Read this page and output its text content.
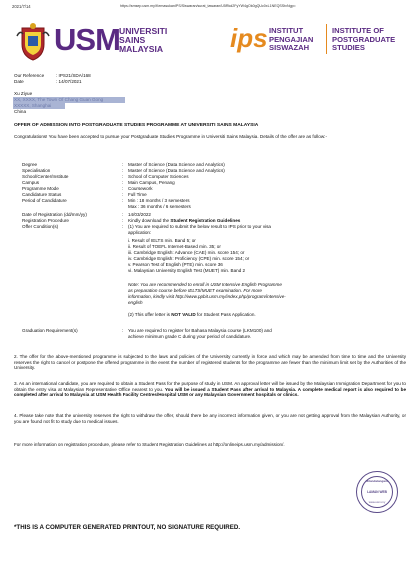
2021/7/14	https://smsep.usm.my/KemasukanIPS/Siswaran/surat_tawaran/U5Rkd2FyYW4gOk0gQUc0xL1NEQSStxNgp=
USM UNIVERSITI
SAINS
MALAYSIA	ips INSTITUT
PENGAJIAN
SISWAZAH
INSTITUTE OF
POSTGRADUATE
STUDIES
Our Reference	: IPS21/SDA/168
Date	: 14/07/2021
Xu Ziyue
XX, XXXX, The Town Of Chang Guan Gong
XXXXX, Shanghai
China
OFFER OF ADMISSION INTO POSTGRADUATE STUDIES PROGRAMME AT UNIVERSITI SAINS MALAYSIA
Congratulations! You have been accepted to pursue your Postgraduate Studies Programme in Universiti Sains Malaysia. Details of the offer are as follow:-
Degree	: Master of Science (Data Science and Analytics)
Specialisation	: Master of Science (Data Science and Analytics)
School/Center/Institute	: School of Computer Sciences
Campus	: Main Campus, Penang
Programme Mode	: Coursework
Candidature Status	: Full Time
Period of Candidature	: Min : 18 months / 3 semesters
Max : 36 months / 6 semesters
Date of Registration (dd/mm/yy)	: 14/03/2022
Registration Procedure	: Kindly download the Student Registration Guidelines
Offer Condition(s)	: (1) You are required to submit the below result to IPS prior to your visa
application:
i. Result of IELTS min. Band 5; or
ii. Result of TOEFL Internet-Based min. 35; or
iii. Cambridge English: Advance (CAE) min. score 154; or
iv. Cambridge English: Proficiency (CPE) min. score 154; or
v. Pearson Test of English (PTE) min. score 36
vi. Malaysian University English Test (MUET) min. Band 2
Note: You are recommended to enroll in USM Intensive English Programme
as preparation course before IELTS/MUET examination. For more
information, kindly visit http://www.ppbit.usm.my/index.php/program/intensive-
english
(2) This offer letter is NOT VALID for Student Pass Application.
Graduation Requirement(s)	: You are required to register for Bahasa Malaysia course (LKM100) and
achieve minimum grade C during your period of candidature.
2. The offer for the above-mentioned programme is subjected to the laws and policies of the University currently in force and which may be amended from time to time and the University reserves the right to cancel or postpone the offered programme in the event the number of registered students for the programme are fewer than the minimum limit set by the Authorities of the University.
3. As an international candidate, you are required to obtain a Student Pass for the purpose of study in USM. An approval letter will be issued by the Malaysian Immigration Department for you to obtain the entry visa at Malaysian Representative Office nearest to you. You will be issued a Student Pass after arrival to Malaysia. A complete medical report is also required to be completed after arrival to Malaysia at USM Health Facility Centres/Hospital USM or any Malaysian Government hospitals or clinics.
4. Please take note that the university reserves the right to withdraw the offer, should there be any incorrect information given, or you are not getting approval from the Malaysian Authority, or you are found not fit to study due to medical issues.
For more information on registration procedure, please refer to Student Registration Guidelines at http://onlineips.usm.my/admission/.
ditandatangani
LAMAN WEB
www.usm.my
*THIS IS A COMPUTER GENERATED PRINTOUT, NO SIGNATURE REQUIRED.
